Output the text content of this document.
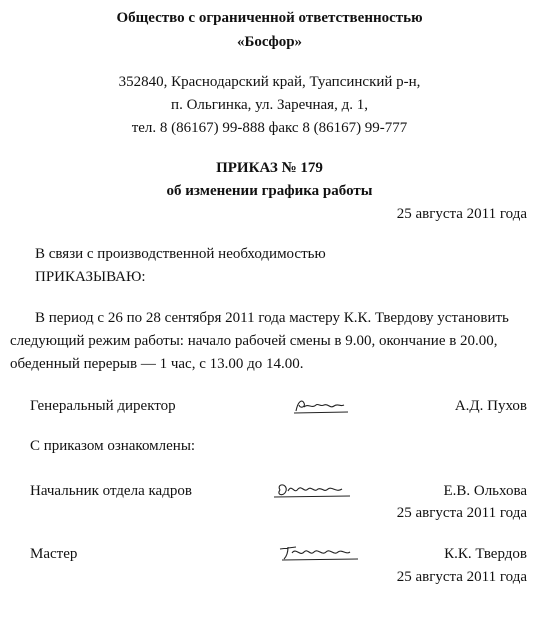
Общество с ограниченной ответственностью
«Босфор»
352840, Краснодарский край, Туапсинский р-н,
п. Ольгинка, ул. Заречная, д. 1,
тел. 8 (86167) 99-888 факс 8 (86167) 99-777
ПРИКАЗ № 179
об изменении графика работы
25 августа 2011 года
В связи с производственной необходимостью
ПРИКАЗЫВАЮ:
В период с 26 по 28 сентября 2011 года мастеру К.К. Твердову установить
следующий режим работы: начало рабочей смены в 9.00, окончание в 20.00,
обеденный перерыв — 1 час, с 13.00 до 14.00.
Генеральный директор	А.Д. Пухов
С приказом ознакомлены:
Начальник отдела кадров	Е.В. Ольхова
25 августа 2011 года
Мастер	К.К. Твердов
25 августа 2011 года
